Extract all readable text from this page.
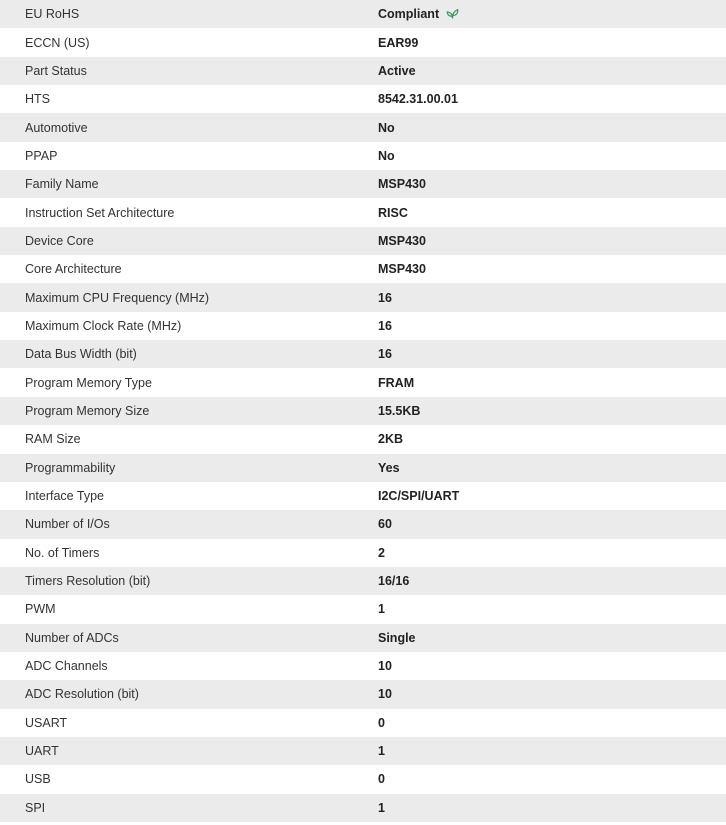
EU RoHS	Compliant

ECCN (US)	EAR99
Part Status	Active
HTS	8542.31.00.01
Automotive	No
PPAP	No
Family Name	MSP430
Instruction Set Architecture	RISC
Device Core	MSP430
Core Architecture	MSP430
Maximum CPU Frequency (MHz)	16
Maximum Clock Rate (MHz)	16
Data Bus Width (bit)	16
Program Memory Type	FRAM
Program Memory Size	15.5KB
RAM Size	2KB
Programmability	Yes
Interface Type	I2C/SPI/UART
Number of I/Os	60
No. of Timers	2
Timers Resolution (bit)	16/16
PWM	1
Number of ADCs	Single
ADC Channels	10
ADC Resolution (bit)	10
USART	0
UART	1
USB	0
SPI	1
